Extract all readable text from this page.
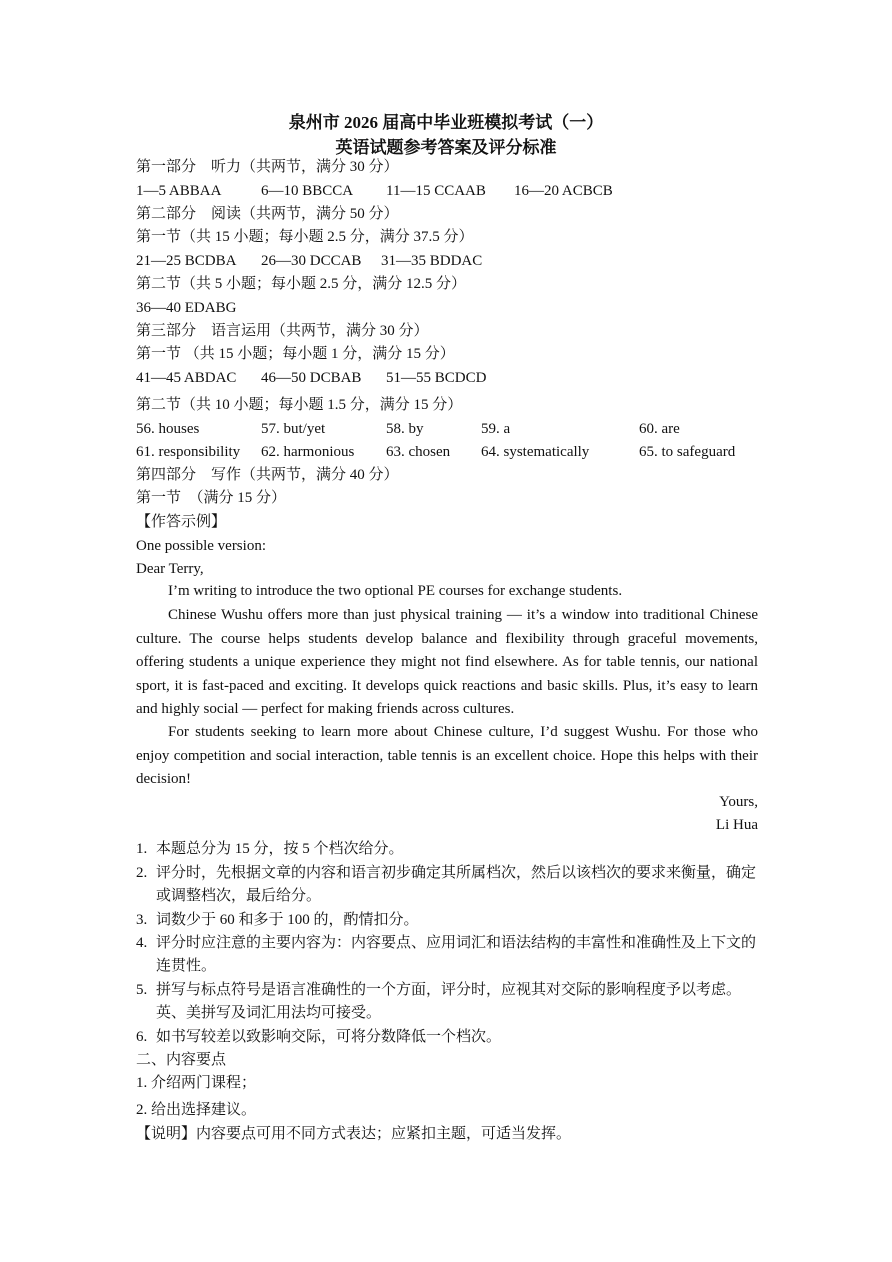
泉州市 2026 届高中毕业班模拟考试（一）
英语试题参考答案及评分标准
第一部分　听力（共两节，满分 30 分）
1—5 ABBAA	6—10 BBCCA 11—15 CCAAB 16—20 ACBCB
第二部分　阅读（共两节，满分 50 分）
第一节（共 15 小题；每小题 2.5 分，满分 37.5 分）
21—25 BCDBA 26—30 DCCAB 31—35 BDDAC
第二节（共 5 小题；每小题 2.5 分，满分 12.5 分）
36—40 EDABG
第三部分　语言运用（共两节，满分 30 分）
第一节 （共 15 小题；每小题 1 分，满分 15 分）
41—45 ABDAC 46—50 DCBAB 51—55 BCDCD
第二节（共 10 小题；每小题 1.5 分，满分 15 分）
56. houses	57. but/yet	58. by	59. a	60. are
61. responsibility 62. harmonious 63. chosen 64. systematically	65. to safeguard
第四部分　写作（共两节，满分 40 分）
第一节　（满分 15 分）
【作答示例】
One possible version:
Dear Terry,
I’m writing to introduce the two optional PE courses for exchange students.
Chinese Wushu offers more than just physical training — it’s a window into traditional Chinese culture. The course helps students develop balance and flexibility through graceful movements, offering students a unique experience they might not find elsewhere. As for table tennis, our national sport, it is fast-paced and exciting. It develops quick reactions and basic skills. Plus, it’s easy to learn and highly social — perfect for making friends across cultures.
For students seeking to learn more about Chinese culture, I’d suggest Wushu. For those who enjoy competition and social interaction, table tennis is an excellent choice. Hope this helps with their decision!
Yours,
Li Hua
1. 本题总分为 15 分，按 5 个档次给分。
2. 评分时，先根据文章的内容和语言初步确定其所属档次，然后以该档次的要求来衡量，确定或调整档次，最后给分。
3. 词数少于 60 和多于 100 的，酌情扣分。
4. 评分时应注意的主要内容为：内容要点、应用词汇和语法结构的丰富性和准确性及上下文的连贯性。
5. 拼写与标点符号是语言准确性的一个方面，评分时，应视其对交际的影响程度予以考虑。英、美拼写及词汇用法均可接受。
6. 如书写较差以致影响交际，可将分数降低一个档次。
二、内容要点
1. 介绍两门课程；
2. 给出选择建议。
【说明】内容要点可用不同方式表达；应紧扣主题，可适当发挥。
